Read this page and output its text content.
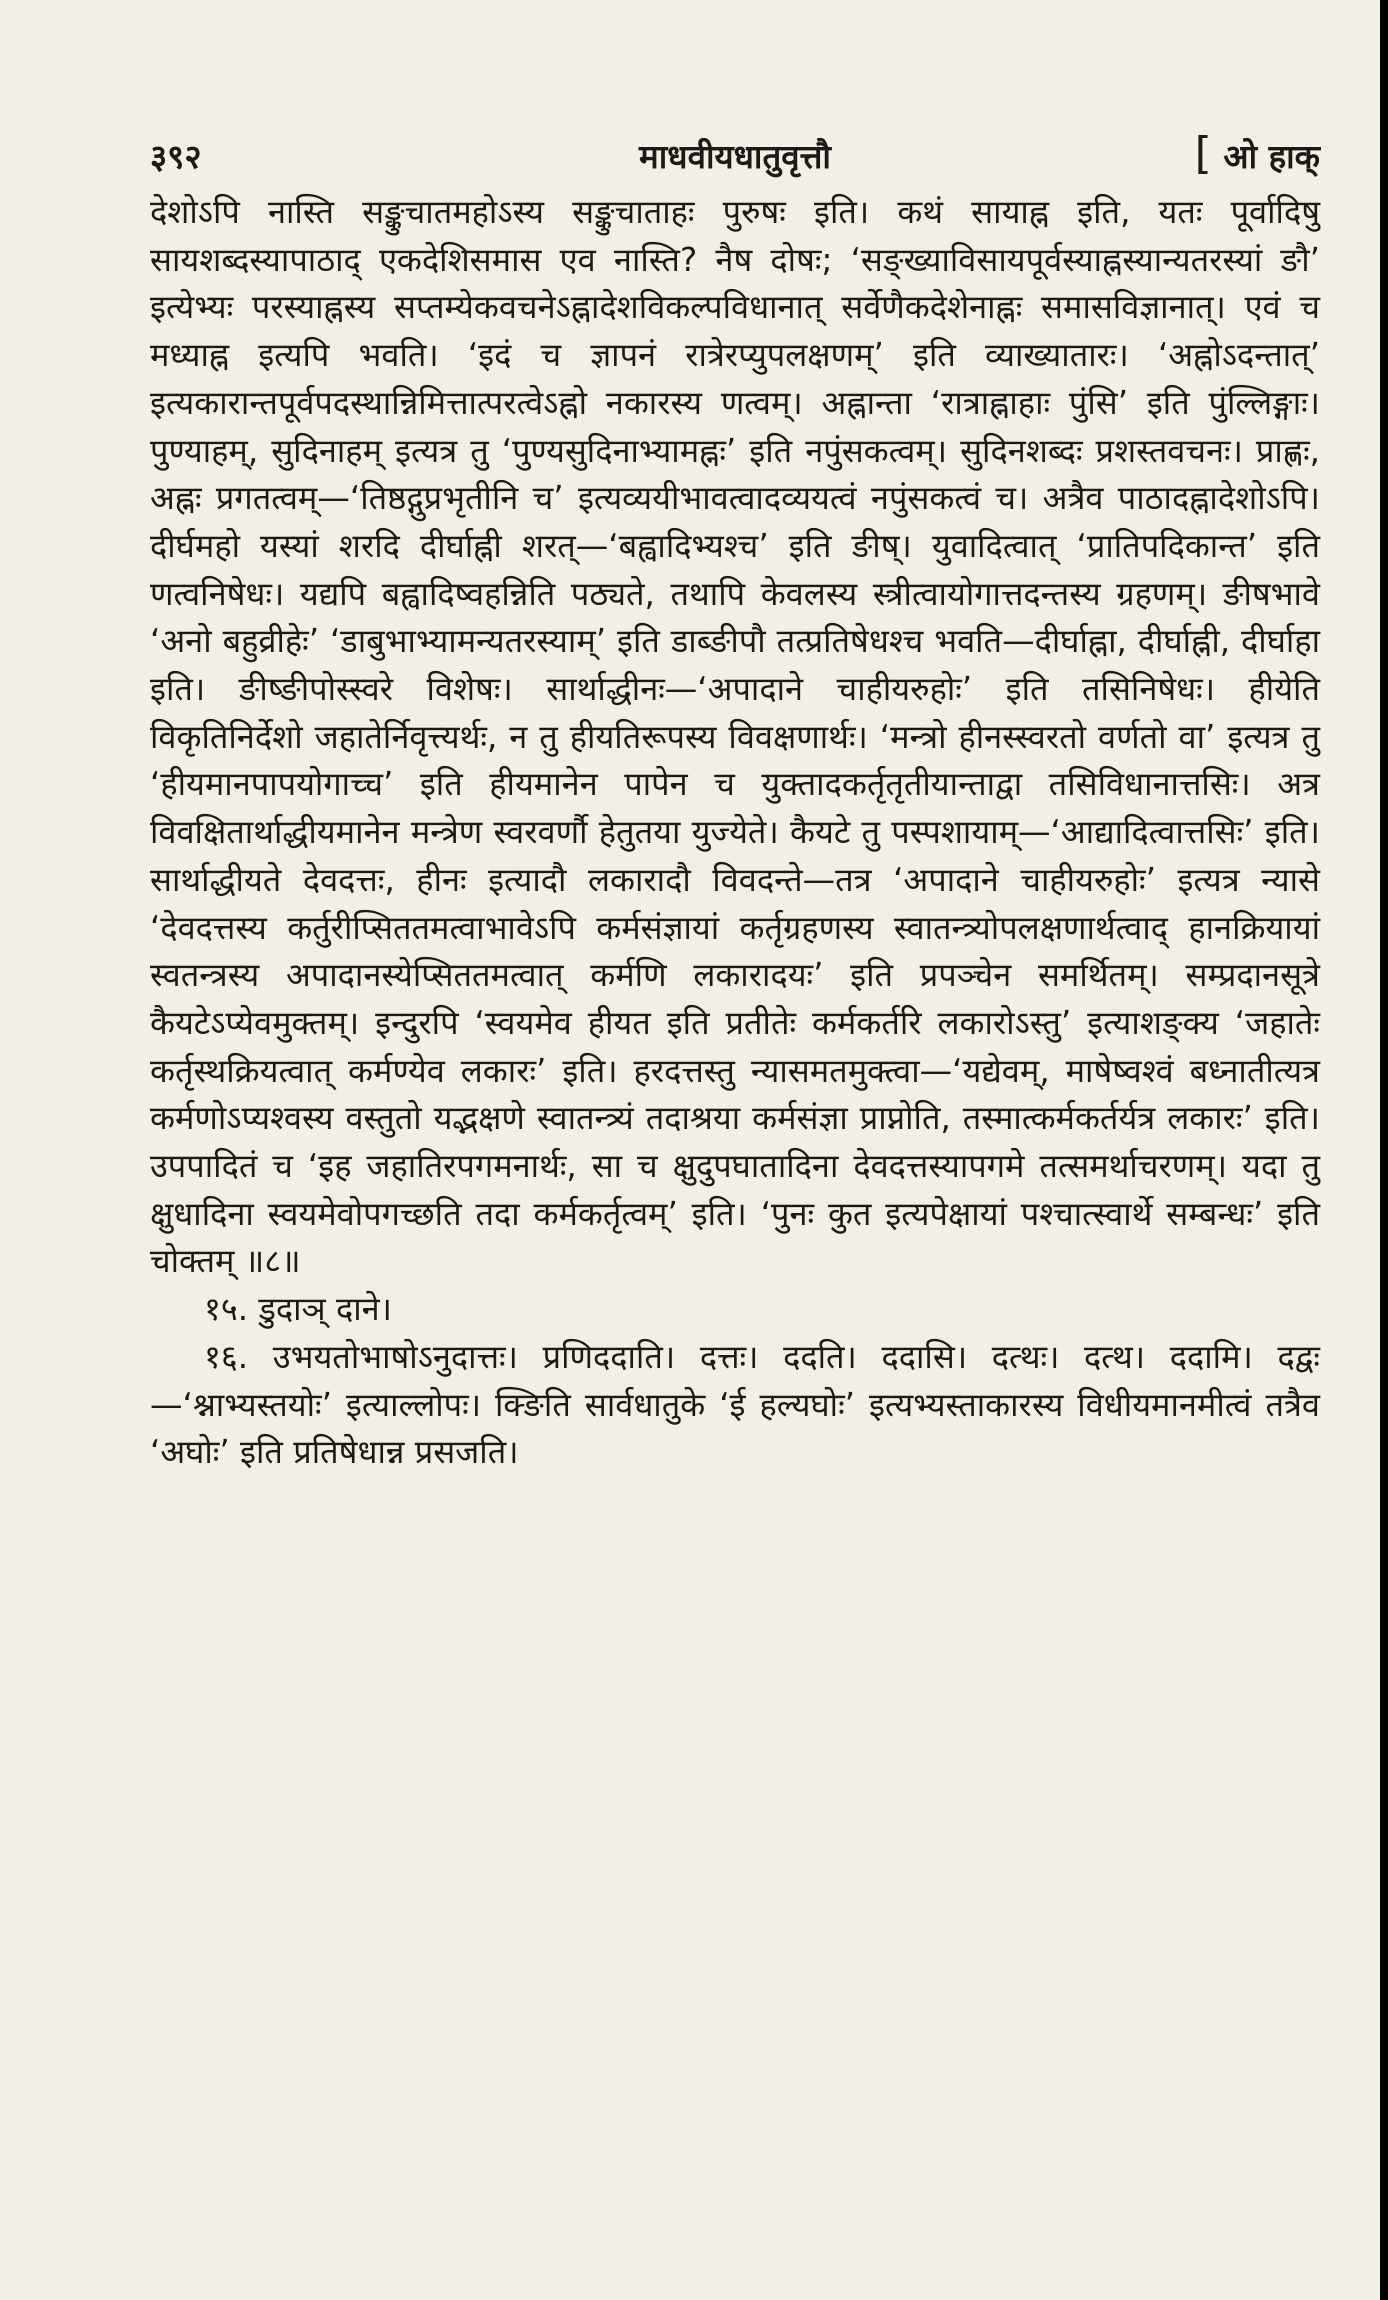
३९२	माधवीयधातुवृत्तौ	[ ओ हाक्

देशोऽपि नास्ति सङ्कुचातमहोऽस्य सङ्कुचाताहः पुरुषः इति। कथं सायाह्न इति, यतः पूर्वादिषु सायशब्दस्यापाठाद् एकदेशिसमास एव नास्ति? नैष दोषः; ‘सङ्ख्याविसायपूर्वस्याह्नस्यान्यतरस्यां ङौ’ इत्येभ्यः परस्याह्नस्य सप्तम्येकवचनेऽह्नादेशविकल्पविधानात् सर्वेणैकदेशेनाह्नः समासविज्ञानात्। एवं च मध्याह्न इत्यपि भवति। ‘इदं च ज्ञापनं रात्रेरप्युपलक्षणम्’ इति व्याख्यातारः। ‘अह्नोऽदन्तात्’ इत्यकारान्तपूर्वपदस्थान्निमित्तात्परत्वेऽह्नो नकारस्य णत्वम्। अह्नान्ता ‘रात्राह्नाहाः पुंसि’ इति पुंल्लिङ्गाः। पुण्याहम्, सुदिनाहम् इत्यत्र तु ‘पुण्यसुदिनाभ्यामह्नः’ इति नपुंसकत्वम्। सुदिनशब्दः प्रशस्तवचनः। प्राह्णः, अह्नः प्रगतत्वम्—‘तिष्ठद्गुप्रभृतीनि च’ इत्यव्ययीभावत्वादव्ययत्वं नपुंसकत्वं च। अत्रैव पाठादह्नादेशोऽपि। दीर्घमहो यस्यां शरदि दीर्घाह्नी शरत्—‘बह्वादिभ्यश्च’ इति ङीष्। युवादित्वात् ‘प्रातिपदिकान्त’ इति णत्वनिषेधः। यद्यपि बह्वादिष्वहन्निति पठ्यते, तथापि केवलस्य स्त्रीत्वायोगात्तदन्तस्य ग्रहणम्। ङीषभावे ‘अनो बहुव्रीहेः’ ‘डाबुभाभ्यामन्यतरस्याम्’ इति डाब्ङीपौ तत्प्रतिषेधश्च भवति—दीर्घाह्ना, दीर्घाह्नी, दीर्घाहा इति। ङीष्ङीपोस्स्वरे विशेषः। सार्थाद्धीनः—‘अपादाने चाहीयरुहोः’ इति तसिनिषेधः। हीयेति विकृतिनिर्देशो जहातेर्निवृत्त्यर्थः, न तु हीयतिरूपस्य विवक्षणार्थः। ‘मन्त्रो हीनस्स्वरतो वर्णतो वा’ इत्यत्र तु ‘हीयमानपापयोगाच्च’ इति हीयमानेन पापेन च युक्तादकर्तृतृतीयान्ताद्वा तसिविधानात्तसिः। अत्र विवक्षितार्थाद्धीयमानेन मन्त्रेण स्वरवर्णौ हेतुतया युज्येते। कैयटे तु पस्पशायाम्—‘आद्यादित्वात्तसिः’ इति। सार्थाद्धीयते देवदत्तः, हीनः इत्यादौ लकारादौ विवदन्ते—तत्र ‘अपादाने चाहीयरुहोः’ इत्यत्र न्यासे ‘देवदत्तस्य कर्तुरीप्सिततमत्वाभावेऽपि कर्मसंज्ञायां कर्तृग्रहणस्य स्वातन्त्र्योपलक्षणार्थत्वाद् हानक्रियायां स्वतन्त्रस्य अपादानस्येप्सिततमत्वात् कर्मणि लकारादयः’ इति प्रपञ्चेन समर्थितम्। सम्प्रदानसूत्रे कैयटेऽप्येवमुक्तम्। इन्दुरपि ‘स्वयमेव हीयत इति प्रतीतेः कर्मकर्तरि लकारोऽस्तु’ इत्याशङ्क्य ‘जहातेः कर्तृस्थक्रियत्वात् कर्मण्येव लकारः’ इति। हरदत्तस्तु न्यासमतमुक्त्वा—‘यद्येवम्, माषेष्वश्वं बध्नातीत्यत्र कर्मणोऽप्यश्वस्य वस्तुतो यद्भक्षणे स्वातन्त्र्यं तदाश्रया कर्मसंज्ञा प्राप्नोति, तस्मात्कर्मकर्तर्यत्र लकारः’ इति। उपपादितं च ‘इह जहातिरपगमनार्थः, सा च क्षुदुपघातादिना देवदत्तस्यापगमे तत्समर्थाचरणम्। यदा तु क्षुधादिना स्वयमेवोपगच्छति तदा कर्मकर्तृत्वम्’ इति। ‘पुनः कुत इत्यपेक्षायां पश्चात्स्वार्थे सम्बन्धः’ इति चोक्तम् ॥८॥

१५. डुदाञ् दाने।

१६. उभयतोभाषोऽनुदात्तः। प्रणिददाति। दत्तः। ददति। ददासि। दत्थः। दत्थ। ददामि। दद्वः—‘श्नाभ्यस्तयोः’ इत्याल्लोपः। क्ङिति सार्वधातुके ‘ई हल्यघोः’ इत्यभ्यस्ताकारस्य विधीयमानमीत्वं तत्रैव ‘अघोः’ इति प्रतिषेधान्न प्रसजति।
